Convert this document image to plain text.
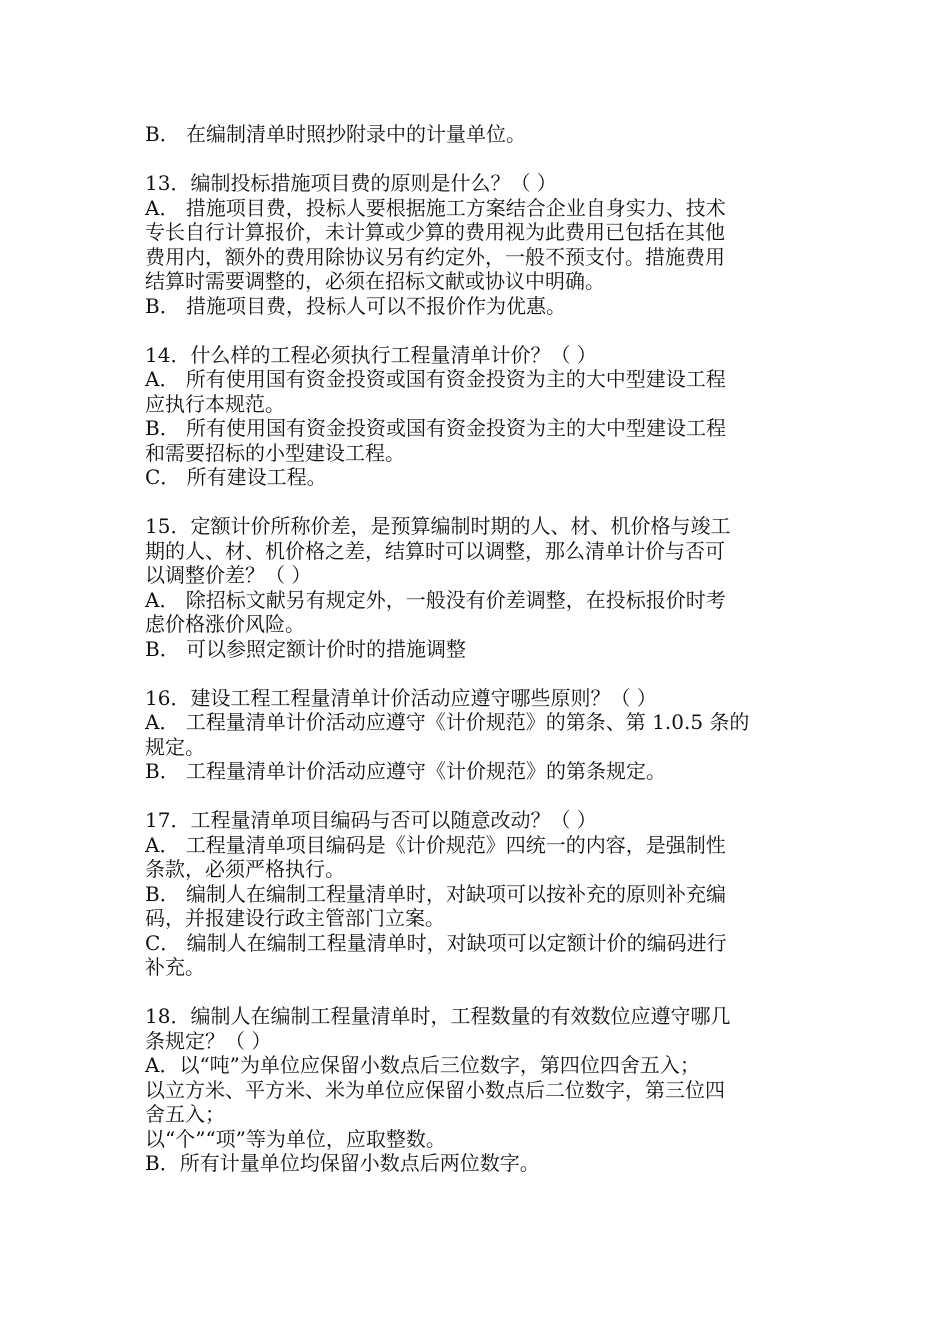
B． 在编制清单时照抄附录中的计量单位。

13．编制投标措施项目费的原则是什么？（ ）

A． 措施项目费，投标人要根据施工方案结合企业自身实力、技术

专长自行计算报价，未计算或少算的费用视为此费用已包括在其他

费用内，额外的费用除协议另有约定外，一般不预支付。措施费用

结算时需要调整的，必须在招标文献或协议中明确。

B． 措施项目费，投标人可以不报价作为优惠。

14．什么样的工程必须执行工程量清单计价？（ ）

A． 所有使用国有资金投资或国有资金投资为主的大中型建设工程

应执行本规范。

B． 所有使用国有资金投资或国有资金投资为主的大中型建设工程

和需要招标的小型建设工程。

C． 所有建设工程。

15．定额计价所称价差，是预算编制时期的人、材、机价格与竣工

期的人、材、机价格之差，结算时可以调整，那么清单计价与否可

以调整价差？（ ）

A． 除招标文献另有规定外，一般没有价差调整，在投标报价时考

虑价格涨价风险。

B． 可以参照定额计价时的措施调整

16．建设工程工程量清单计价活动应遵守哪些原则？（ ）

A． 工程量清单计价活动应遵守《计价规范》的第条、第 1.0.5 条的

规定。

B． 工程量清单计价活动应遵守《计价规范》的第条规定。

17．工程量清单项目编码与否可以随意改动？（ ）

A． 工程量清单项目编码是《计价规范》四统一的内容，是强制性

条款，必须严格执行。

B． 编制人在编制工程量清单时，对缺项可以按补充的原则补充编

码，并报建设行政主管部门立案。

C． 编制人在编制工程量清单时，对缺项可以定额计价的编码进行

补充。

18．编制人在编制工程量清单时，工程数量的有效数位应遵守哪几

条规定？（ ）

A．以“吨”为单位应保留小数点后三位数字，第四位四舍五入；

以立方米、平方米、米为单位应保留小数点后二位数字，第三位四

舍五入；

以“个”“项”等为单位，应取整数。

B．所有计量单位均保留小数点后两位数字。
